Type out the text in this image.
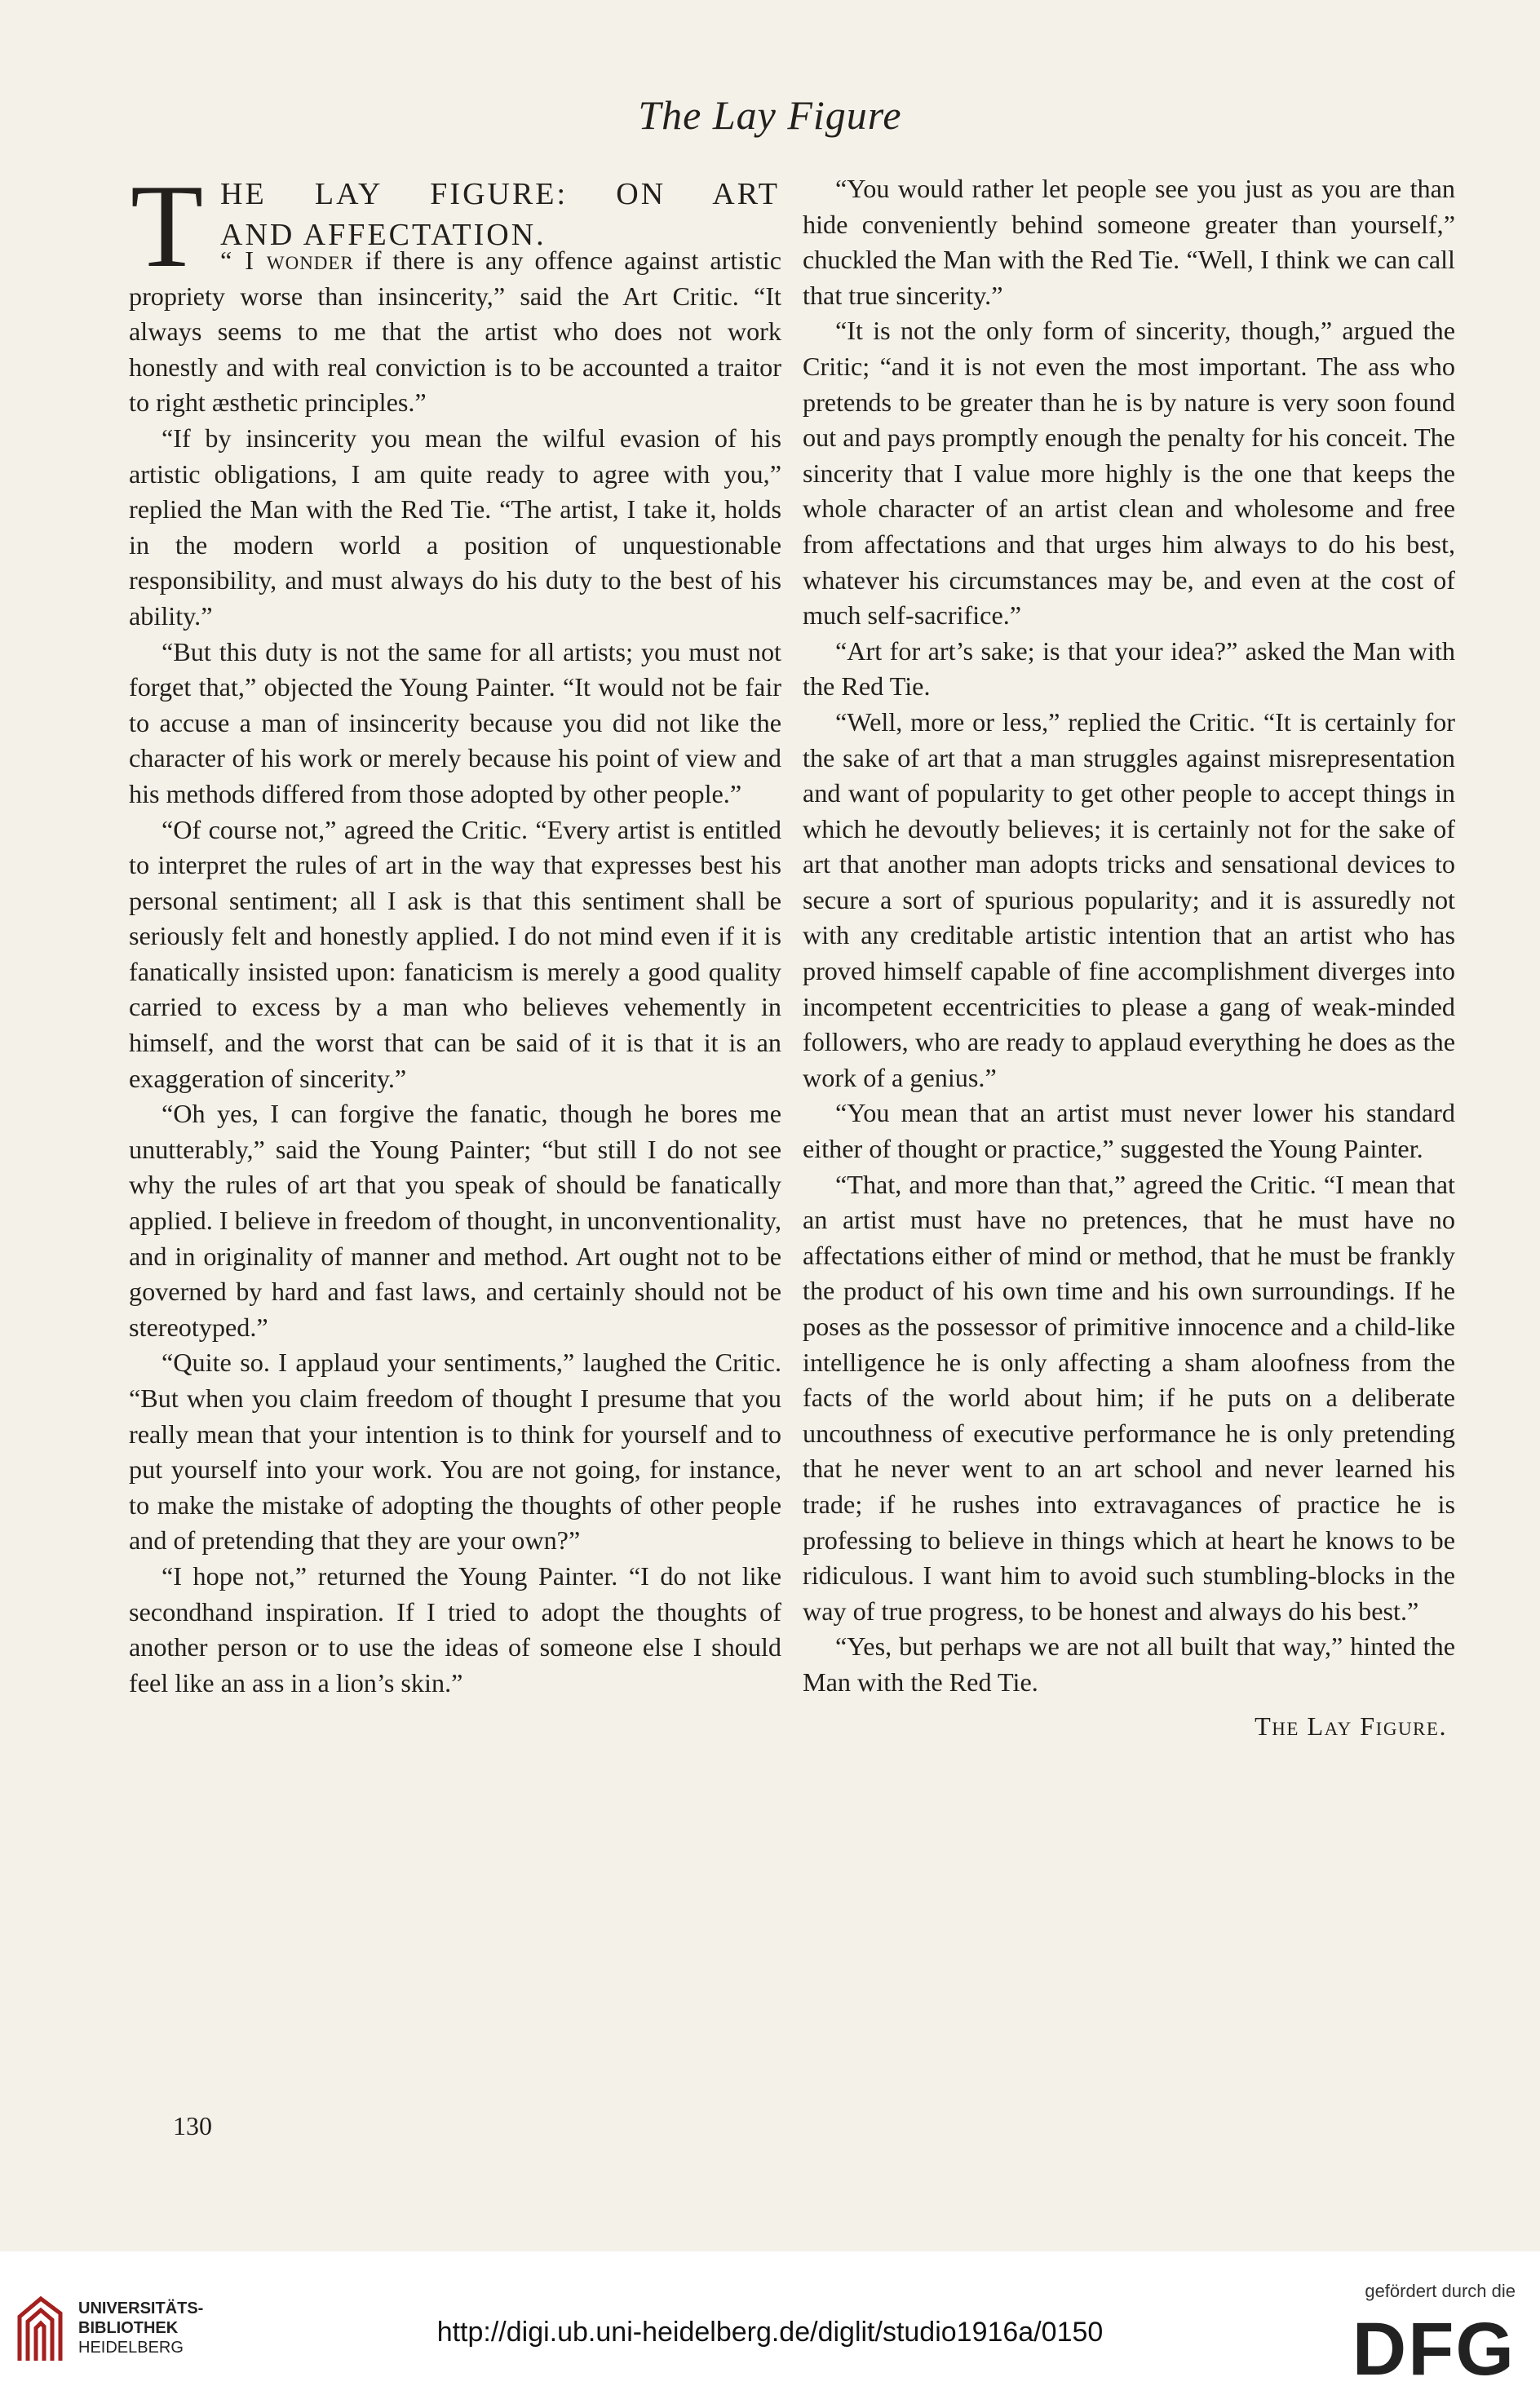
The Lay Figure
T HE LAY FIGURE: ON ART
AND AFFECTATION.

“ I wonder if there is any offence against artistic propriety worse than insincerity,” said the Art Critic. “It always seems to me that the artist who does not work honestly and with real conviction is to be accounted a traitor to right æsthetic principles.”

“If by insincerity you mean the wilful evasion of his artistic obligations, I am quite ready to agree with you,” replied the Man with the Red Tie. “The artist, I take it, holds in the modern world a position of unquestionable responsibility, and must always do his duty to the best of his ability.”

“But this duty is not the same for all artists; you must not forget that,” objected the Young Painter. “It would not be fair to accuse a man of insincerity because you did not like the character of his work or merely because his point of view and his methods differed from those adopted by other people.”

“Of course not,” agreed the Critic. “Every artist is entitled to interpret the rules of art in the way that expresses best his personal sentiment; all I ask is that this sentiment shall be seriously felt and honestly applied. I do not mind even if it is fanatically insisted upon: fanaticism is merely a good quality carried to excess by a man who believes vehemently in himself, and the worst that can be said of it is that it is an exaggeration of sincerity.”

“Oh yes, I can forgive the fanatic, though he bores me unutterably,” said the Young Painter; “but still I do not see why the rules of art that you speak of should be fanatically applied. I believe in freedom of thought, in unconventionality, and in originality of manner and method. Art ought not to be governed by hard and fast laws, and certainly should not be stereotyped.”

“Quite so. I applaud your sentiments,” laughed the Critic. “But when you claim freedom of thought I presume that you really mean that your intention is to think for yourself and to put yourself into your work. You are not going, for instance, to make the mistake of adopting the thoughts of other people and of pretending that they are your own?”

“I hope not,” returned the Young Painter. “I do not like secondhand inspiration. If I tried to adopt the thoughts of another person or to use the ideas of someone else I should feel like an ass in a lion’s skin.”

“You would rather let people see you just as you are than hide conveniently behind someone greater than yourself,” chuckled the Man with the Red Tie. “Well, I think we can call that true sincerity.”

“It is not the only form of sincerity, though,” argued the Critic; “and it is not even the most important. The ass who pretends to be greater than he is by nature is very soon found out and pays promptly enough the penalty for his conceit. The sincerity that I value more highly is the one that keeps the whole character of an artist clean and wholesome and free from affectations and that urges him always to do his best, whatever his circumstances may be, and even at the cost of much self-sacrifice.”

“Art for art’s sake; is that your idea?” asked the Man with the Red Tie.

“Well, more or less,” replied the Critic. “It is certainly for the sake of art that a man struggles against misrepresentation and want of popularity to get other people to accept things in which he devoutly believes; it is certainly not for the sake of art that another man adopts tricks and sensational devices to secure a sort of spurious popularity; and it is assuredly not with any creditable artistic intention that an artist who has proved himself capable of fine accomplishment diverges into incompetent eccentricities to please a gang of weak-minded followers, who are ready to applaud everything he does as the work of a genius.”

“You mean that an artist must never lower his standard either of thought or practice,” suggested the Young Painter.

“That, and more than that,” agreed the Critic. “I mean that an artist must have no pretences, that he must have no affectations either of mind or method, that he must be frankly the product of his own time and his own surroundings. If he poses as the possessor of primitive innocence and a child-like intelligence he is only affecting a sham aloofness from the facts of the world about him; if he puts on a deliberate uncouthness of executive performance he is only pretending that he never went to an art school and never learned his trade; if he rushes into extravagances of practice he is professing to believe in things which at heart he knows to be ridiculous. I want him to avoid such stumbling-blocks in the way of true progress, to be honest and always do his best.”

“Yes, but perhaps we are not all built that way,” hinted the Man with the Red Tie.

The Lay Figure.
130
UNIVERSITÄTS-
BIBLIOTHEK
HEIDELBERG	http://digi.ub.uni-heidelberg.de/diglit/studio1916a/0150
gefördert durch die
DFG
